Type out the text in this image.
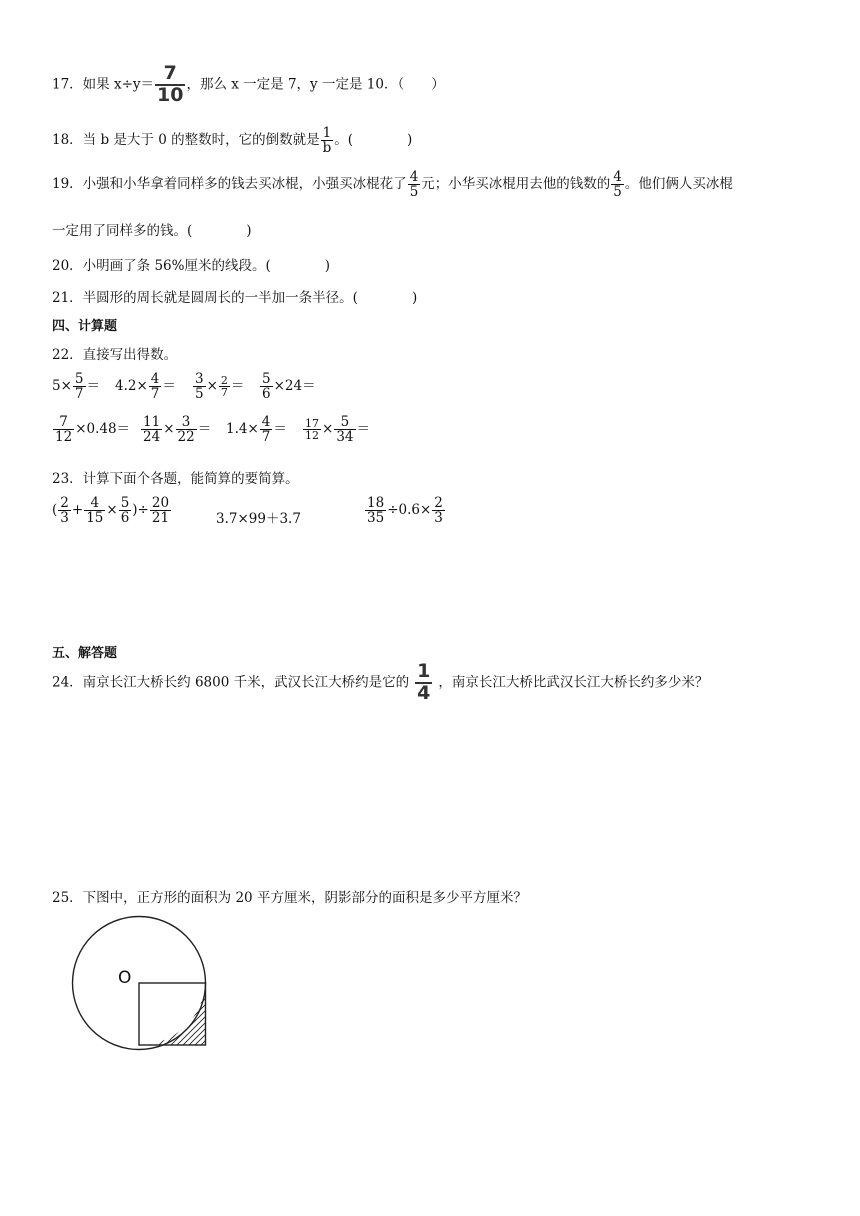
17．如果 $x\div y= \frac{7}{10}$ ，那么 x 一定是 7，y 一定是 10．（　　）
18．当 b 是大于 0 的整数时，它的倒数就是 $\frac{1}{b}$ 。(　　　　)
19．小强和小华拿着同样多的钱去买冰棍，小强买冰棍花了 $\frac{4}{5}$ 元；小华买冰棍用去他的钱数的 $\frac{4}{5}$ 。他们俩人买冰棍
一定用了同样多的钱。(　　　　)
20．小明画了条 56%厘米的线段。(　　　　)
21．半圆形的周长就是圆周长的一半加一条半径。(　　　　)
四、计算题
22．直接写出得数。
$5\times \frac{5}{7} = 4.2\times \frac{4}{7} = \frac{3}{5} \times \frac{2}{7} = \frac{5}{6} \times 24=$
$\frac{7}{12} \times 0.48= \frac{11}{24} \times \frac{3}{22} = 1.4\times \frac{4}{7} = \frac{17}{12} \times \frac{5}{34}$ ＝
23．计算下面个各题，能简算的要简算。
( $\frac{2}{3} + \frac{4}{15} \times \frac{5}{6}$ )÷ $\frac{20}{21}$	3.7×99＋3.7	$\frac{18}{35} \div 0.6\times \frac{2}{3}$
五、解答题
24．南京长江大桥长约 6800 千米，武汉长江大桥约是它的 $\frac{1}{4}$ ，南京长江大桥比武汉长江大桥长约多少米？
25．下图中，正方形的面积为 20 平方厘米，阴影部分的面积是多少平方厘米？
O
